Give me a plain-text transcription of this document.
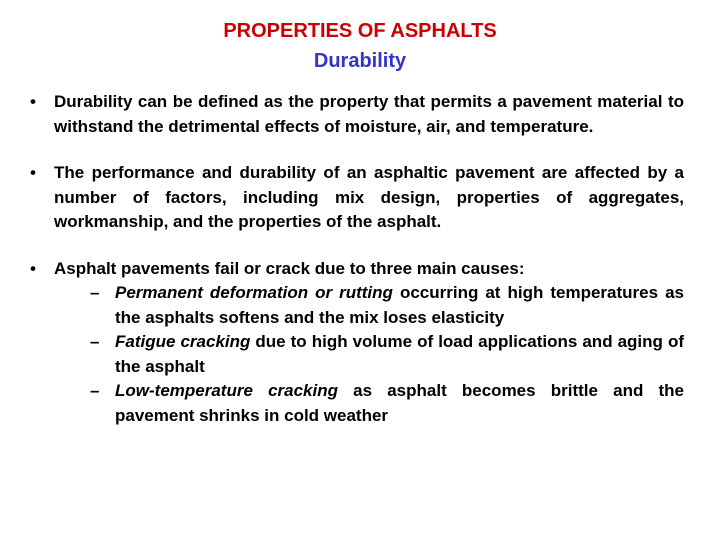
PROPERTIES OF ASPHALTS
Durability
• Durability can be defined as the property that permits a pavement material to withstand the detrimental effects of moisture, air, and temperature.
• The performance and durability of an asphaltic pavement are affected by a number of factors, including mix design, properties of aggregates, workmanship, and the properties of the asphalt.
• Asphalt pavements fail or crack due to three main causes:
– Permanent deformation or rutting occurring at high temperatures as the asphalts softens and the mix loses elasticity
– Fatigue cracking due to high volume of load applications and aging of the asphalt
– Low-temperature cracking as asphalt becomes brittle and the pavement shrinks in cold weather
